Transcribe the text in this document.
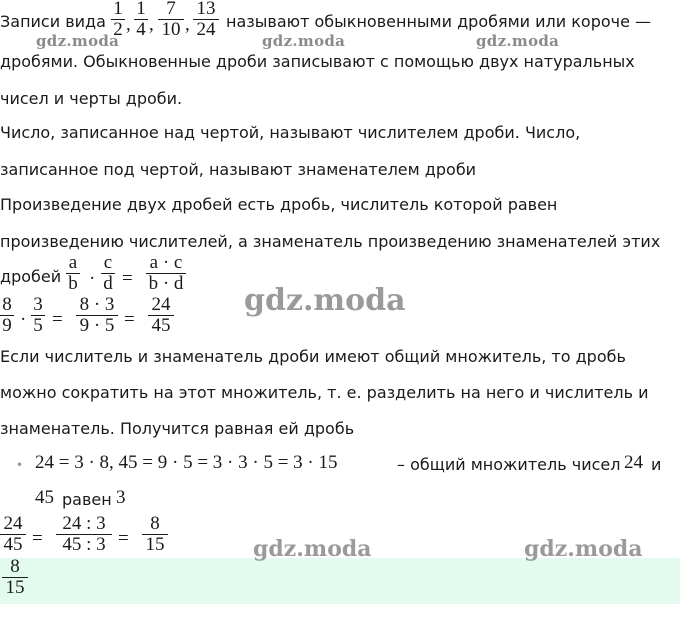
Записи вида
1
2 ,
1
4 ,
7
10 ,
13
24 называют обыкновенными дробями или короче —
gdz.moda	gdz.moda	gdz.moda
дробями. Обыкновенные дроби записывают с помощью двух натуральных
чисел и черты дроби.
Число, записанное над чертой, называют числителем дроби. Число,
записанное под чертой, называют знаменателем дроби
Произведение двух дробей есть дробь, числитель которой равен
произведению числителей, а знаменатель произведению знаменателей этих
дробей
a
b ·
c
d =
a · c
b · d
8
9 ·
3
5 =
8 · 3
9 · 5 =
24
45
gdz.moda
Если числитель и знаменатель дроби имеют общий множитель, то дробь
можно сократить на этот множитель, т. е. разделить на него и числитель и
знаменатель. Получится равная ей дробь
• 24 = 3 · 8, 45 = 9 · 5 = 3 · 3 · 5 = 3 · 15	– общий множитель чисел 24 и
45 равен 3
24
45 =
24 : 3
45 : 3 =
8
15	gdz.moda	gdz.moda
8
15
